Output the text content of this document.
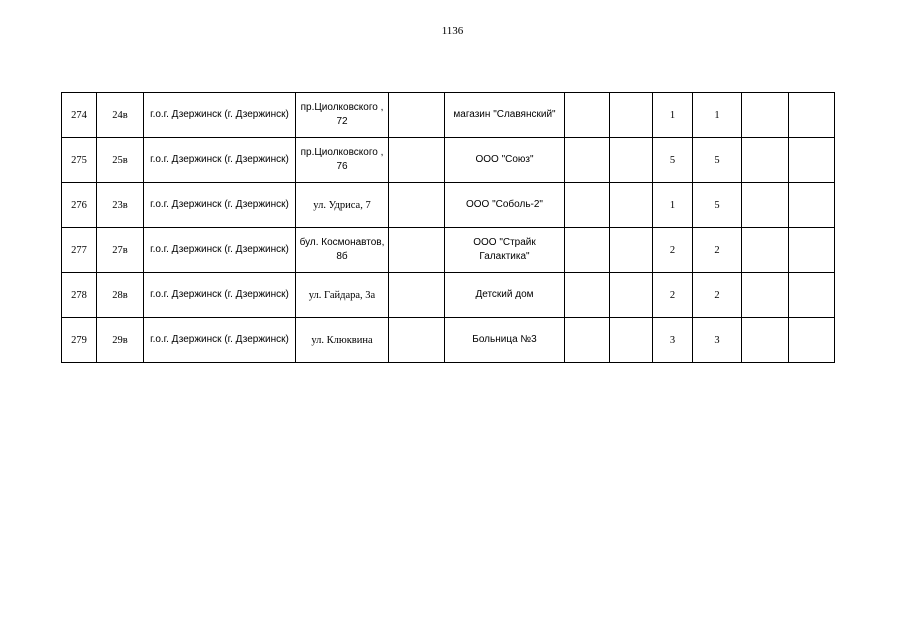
1136
274	24в	г.о.г. Дзержинск (г. Дзержинск)	пр.Циолковского , 72		магазин "Славянский"			1	1		
275	25в	г.о.г. Дзержинск (г. Дзержинск)	пр.Циолковского , 76		ООО "Союз"			5	5		
276	23в	г.о.г. Дзержинск (г. Дзержинск)	ул. Удриса, 7		ООО "Соболь-2"			1	5		
277	27в	г.о.г. Дзержинск (г. Дзержинск)	бул. Космонавтов, 8б		ООО "Страйк Галактика"			2	2		
278	28в	г.о.г. Дзержинск (г. Дзержинск)	ул. Гайдара, 3а		Детский дом			2	2		
279	29в	г.о.г. Дзержинск (г. Дзержинск)	ул. Клюквина		Больница №3			3	3		
